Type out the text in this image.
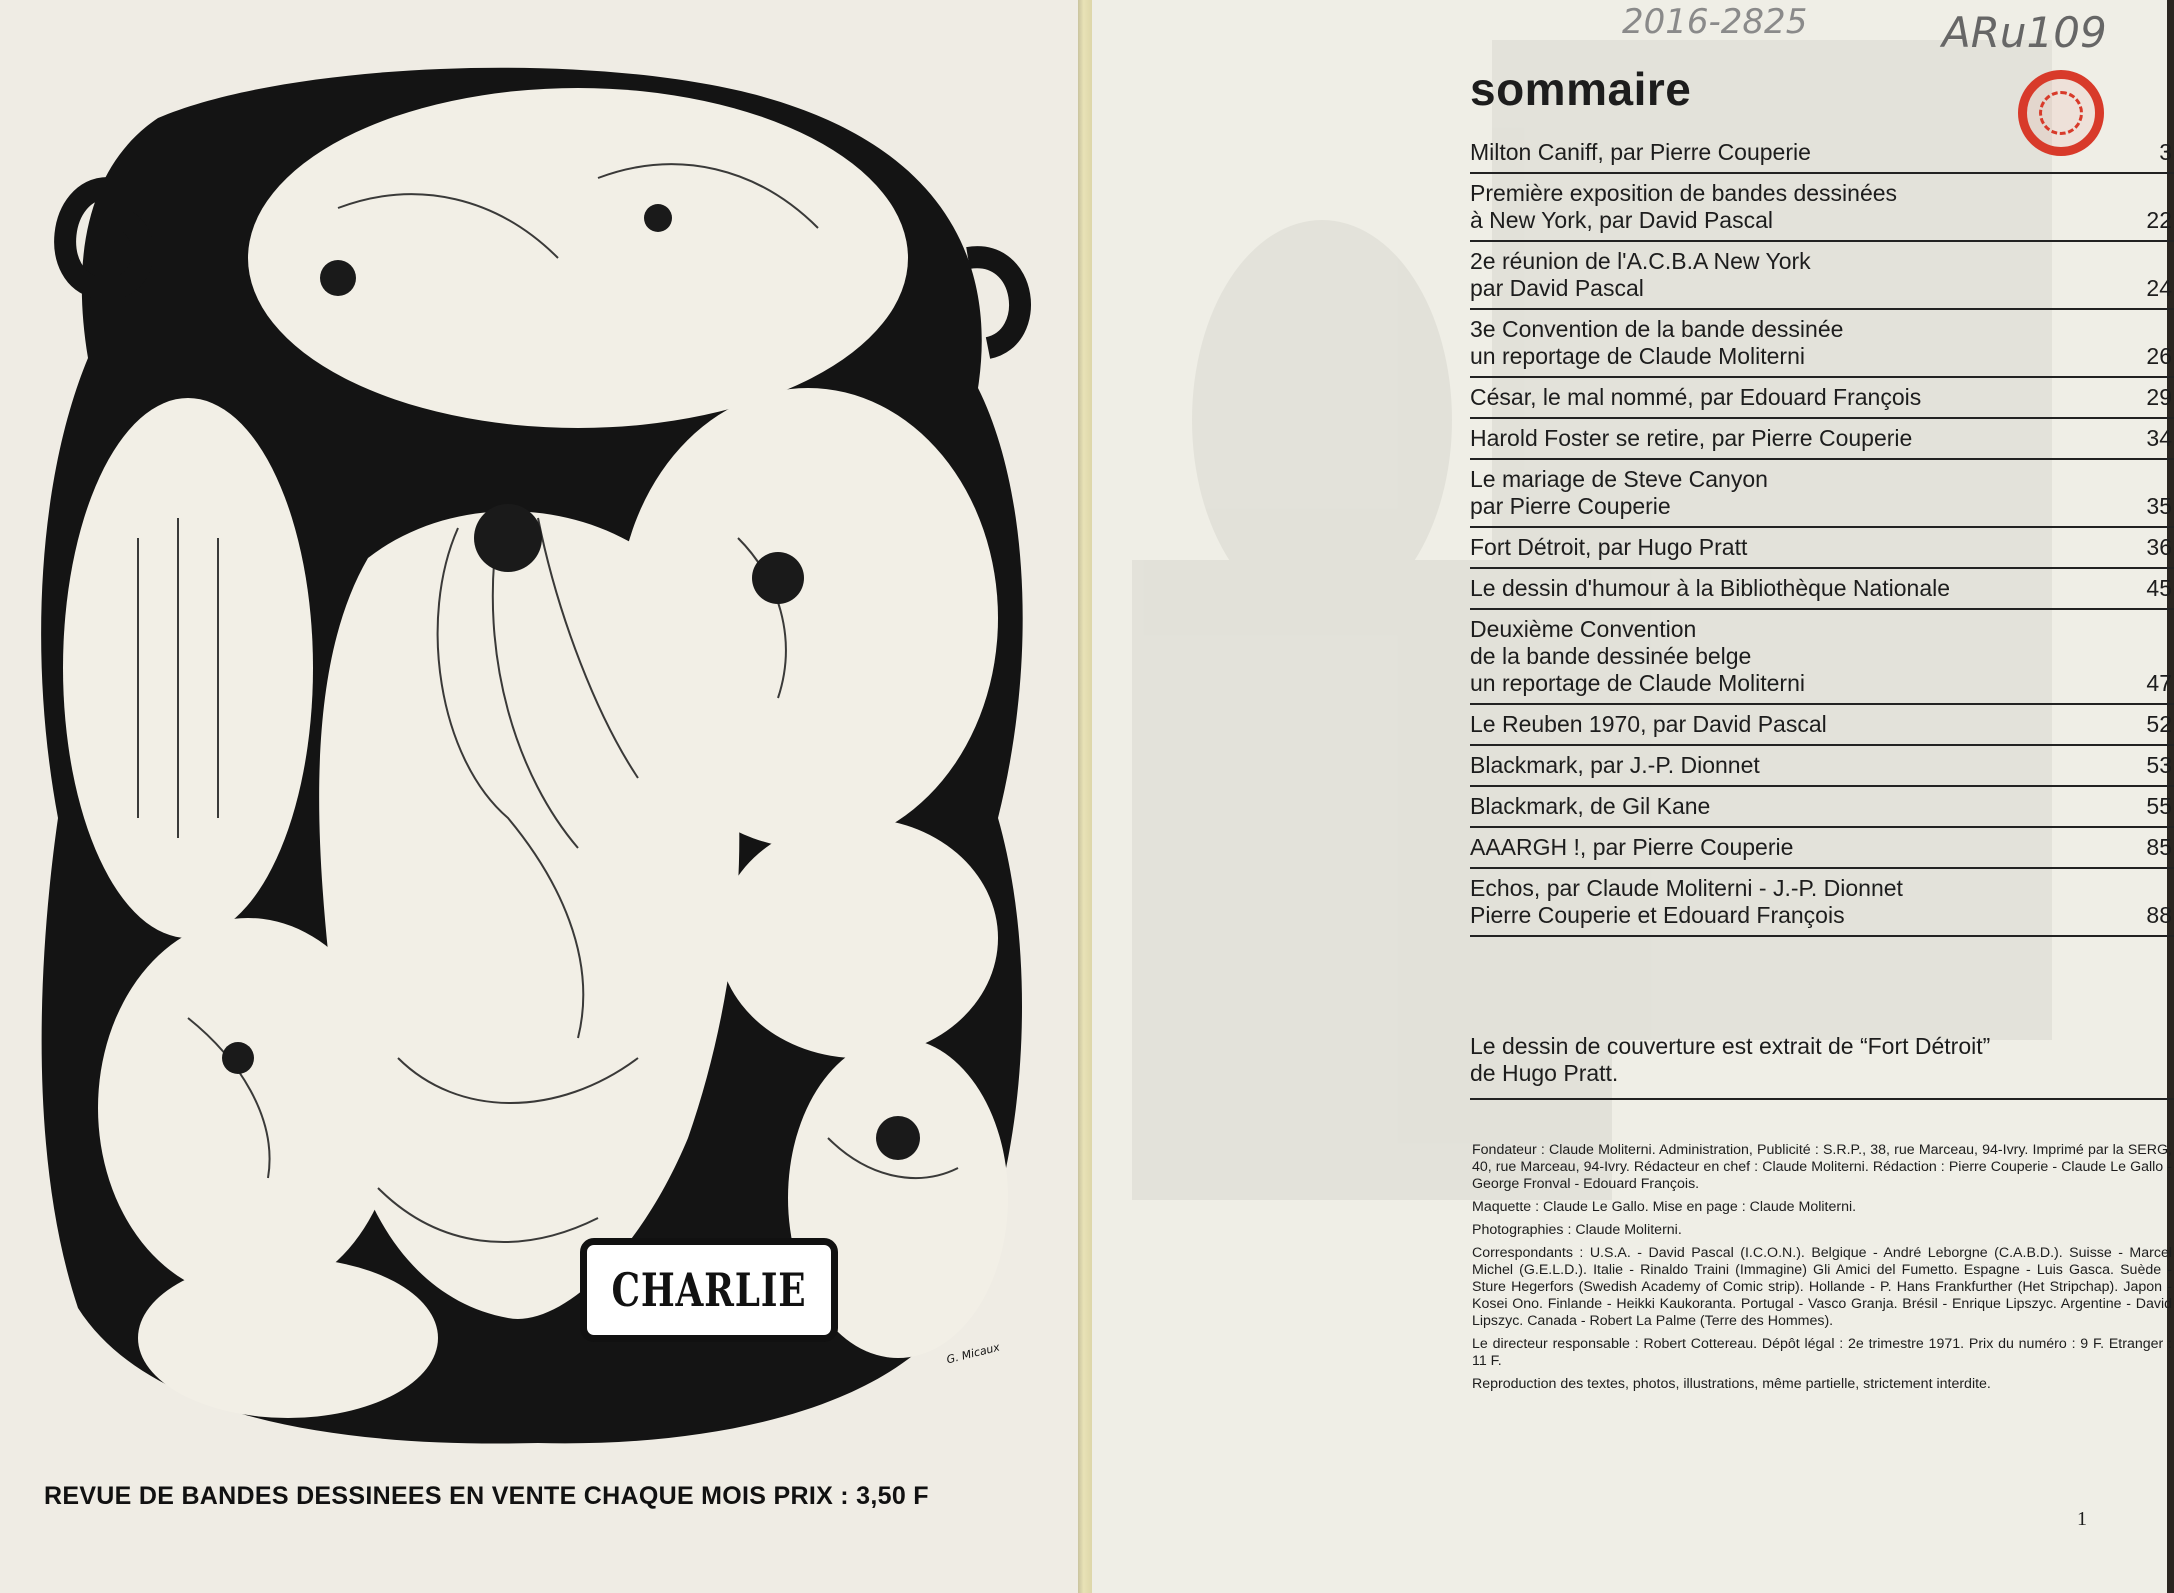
CHARLIE
G. Micaux
REVUE DE BANDES DESSINEES EN VENTE CHAQUE MOIS PRIX : 3,50 F
2016-2825	ARu109
sommaire
Milton Caniff, par Pierre Couperie	3
Première exposition de bandes dessinées
à New York, par David Pascal	22
2e réunion de l'A.C.B.A New York
par David Pascal	24
3e Convention de la bande dessinée
un reportage de Claude Moliterni	26
César, le mal nommé, par Edouard François	29
Harold Foster se retire, par Pierre Couperie	34
Le mariage de Steve Canyon
par Pierre Couperie	35
Fort Détroit, par Hugo Pratt	36
Le dessin d'humour à la Bibliothèque Nationale	45
Deuxième Convention
de la bande dessinée belge
un reportage de Claude Moliterni	47
Le Reuben 1970, par David Pascal	52
Blackmark, par J.-P. Dionnet	53
Blackmark, de Gil Kane	55
AAARGH !, par Pierre Couperie	85
Echos, par Claude Moliterni - J.-P. Dionnet
Pierre Couperie et Edouard François	88
Le dessin de couverture est extrait de “Fort Détroit”
de Hugo Pratt.

Fondateur : Claude Moliterni. Administration, Publicité : S.R.P., 38, rue Marceau, 94-Ivry. Imprimé par la SERG, 40, rue Marceau, 94-Ivry. Rédacteur en chef : Claude Moliterni. Rédaction : Pierre Couperie - Claude Le Gallo - George Fronval - Edouard François.

Maquette : Claude Le Gallo. Mise en page : Claude Moliterni.

Photographies : Claude Moliterni.

Correspondants : U.S.A. - David Pascal (I.C.O.N.). Belgique - André Leborgne (C.A.B.D.). Suisse - Marcel Michel (G.E.L.D.). Italie - Rinaldo Traini (Immagine) Gli Amici del Fumetto. Espagne - Luis Gasca. Suède - Sture Hegerfors (Swedish Academy of Comic strip). Hollande - P. Hans Frankfurther (Het Stripchap). Japon - Kosei Ono. Finlande - Heikki Kaukoranta. Portugal - Vasco Granja. Brésil - Enrique Lipszyc. Argentine - David Lipszyc. Canada - Robert La Palme (Terre des Hommes).

Le directeur responsable : Robert Cottereau. Dépôt légal : 2e trimestre 1971. Prix du numéro : 9 F. Etranger : 11 F.

Reproduction des textes, photos, illustrations, même partielle, strictement interdite.

1
